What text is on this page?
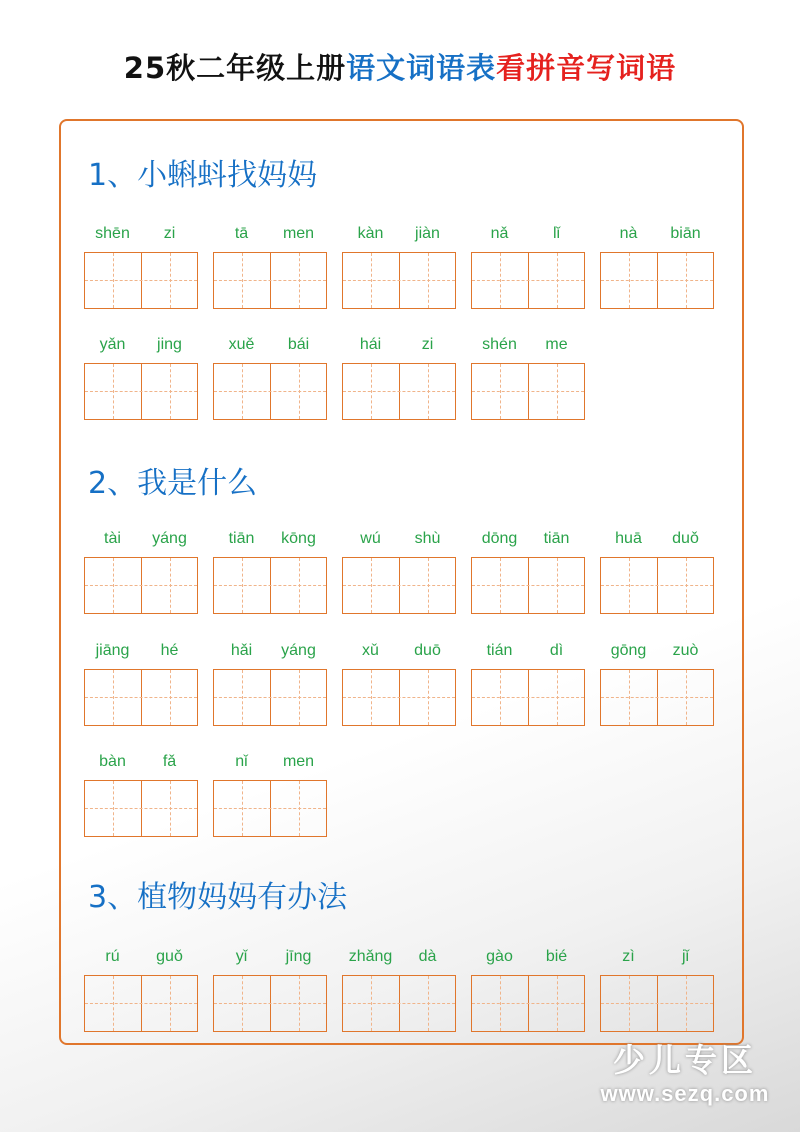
25秋二年级上册语文词语表看拼音写词语
1、小蝌蚪找妈妈
shēn	zi	tā	men	kàn	jiàn	nǎ	lǐ	nà	biān
yǎn	jing	xuě	bái	hái	zi	shén	me
2、我是什么
tài	yáng	tiān	kōng	wú	shù	dōng	tiān	huā	duǒ
jiāng	hé	hǎi	yáng	xǔ	duō	tián	dì	gōng	zuò
bàn	fǎ	nǐ	men
3、植物妈妈有办法
rú	guǒ	yǐ	jīng	zhǎng	dà	gào	bié	zì	jǐ
少儿专区
www.sezq.com
